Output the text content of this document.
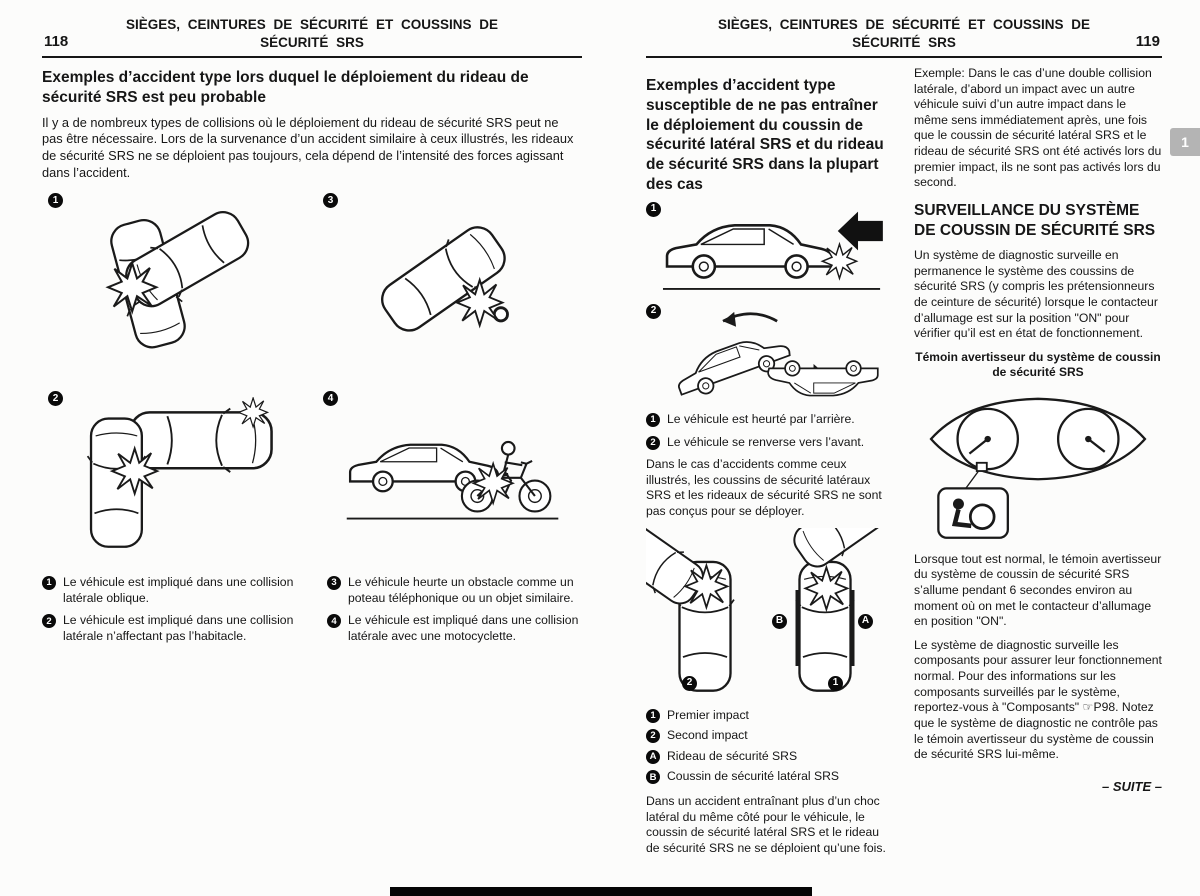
118
SIÈGES, CEINTURES DE SÉCURITÉ ET COUSSINS DE
SÉCURITÉ SRS
Exemples d’accident type lors duquel le déploiement du rideau de sécurité SRS est peu probable

Il y a de nombreux types de collisions où le déploiement du rideau de sécurité SRS peut ne pas être nécessaire. Lors de la survenance d’un accident similaire à ceux illustrés, les rideaux de sécurité SRS ne se déploient pas toujours, cela dépend de l’intensité des forces agissant dans l’accident.

1	3
2	4
1 Le véhicule est impliqué dans une collision latérale oblique.
2 Le véhicule est impliqué dans une collision latérale n’affectant pas l’habitacle.
3 Le véhicule heurte un obstacle comme un poteau téléphonique ou un objet similaire.
4 Le véhicule est impliqué dans une collision latérale avec une motocyclette.
119
SIÈGES, CEINTURES DE SÉCURITÉ ET COUSSINS DE
SÉCURITÉ SRS
Exemples d’accident type susceptible de ne pas entraîner le déploiement du coussin de sécurité latéral SRS et du rideau de sécurité SRS dans la plupart des cas
1
2
1 Le véhicule est heurté par l’arrière.
2 Le véhicule se renverse vers l’avant.

Dans le cas d’accidents comme ceux illustrés, les coussins de sécurité latéraux SRS et les rideaux de sécurité SRS ne sont pas conçus pour se déployer.

B	A
2	1
1 Premier impact
2 Second impact
A Rideau de sécurité SRS
B Coussin de sécurité latéral SRS

Dans un accident entraînant plus d’un choc latéral du même côté pour le véhicule, le coussin de sécurité latéral SRS et le rideau de sécurité SRS ne se déploient qu’une fois.

Exemple: Dans le cas d’une double collision latérale, d’abord un impact avec un autre véhicule suivi d’un autre impact dans le même sens immédiatement après, une fois que le coussin de sécurité latéral SRS et le rideau de sécurité SRS ont été activés lors du premier impact, ils ne sont pas activés lors du second.

SURVEILLANCE DU SYSTÈME DE COUSSIN DE SÉCURITÉ SRS

Un système de diagnostic surveille en permanence le système des coussins de sécurité SRS (y compris les prétensionneurs de ceinture de sécurité) lorsque le contacteur d’allumage est sur la position "ON" pour vérifier qu’il est en état de fonctionnement.

Témoin avertisseur du système de coussin de sécurité SRS

Lorsque tout est normal, le témoin avertisseur du système de coussin de sécurité SRS s’allume pendant 6 secondes environ au moment où on met le contacteur d’allumage en position "ON".

Le système de diagnostic surveille les composants pour assurer leur fonctionnement normal. Pour des informations sur les composants surveillés par le système, reportez-vous à "Composants" ☞P98. Notez que le système de diagnostic ne contrôle pas le témoin avertisseur du système de coussin de sécurité SRS lui-même.

– SUITE –
1
